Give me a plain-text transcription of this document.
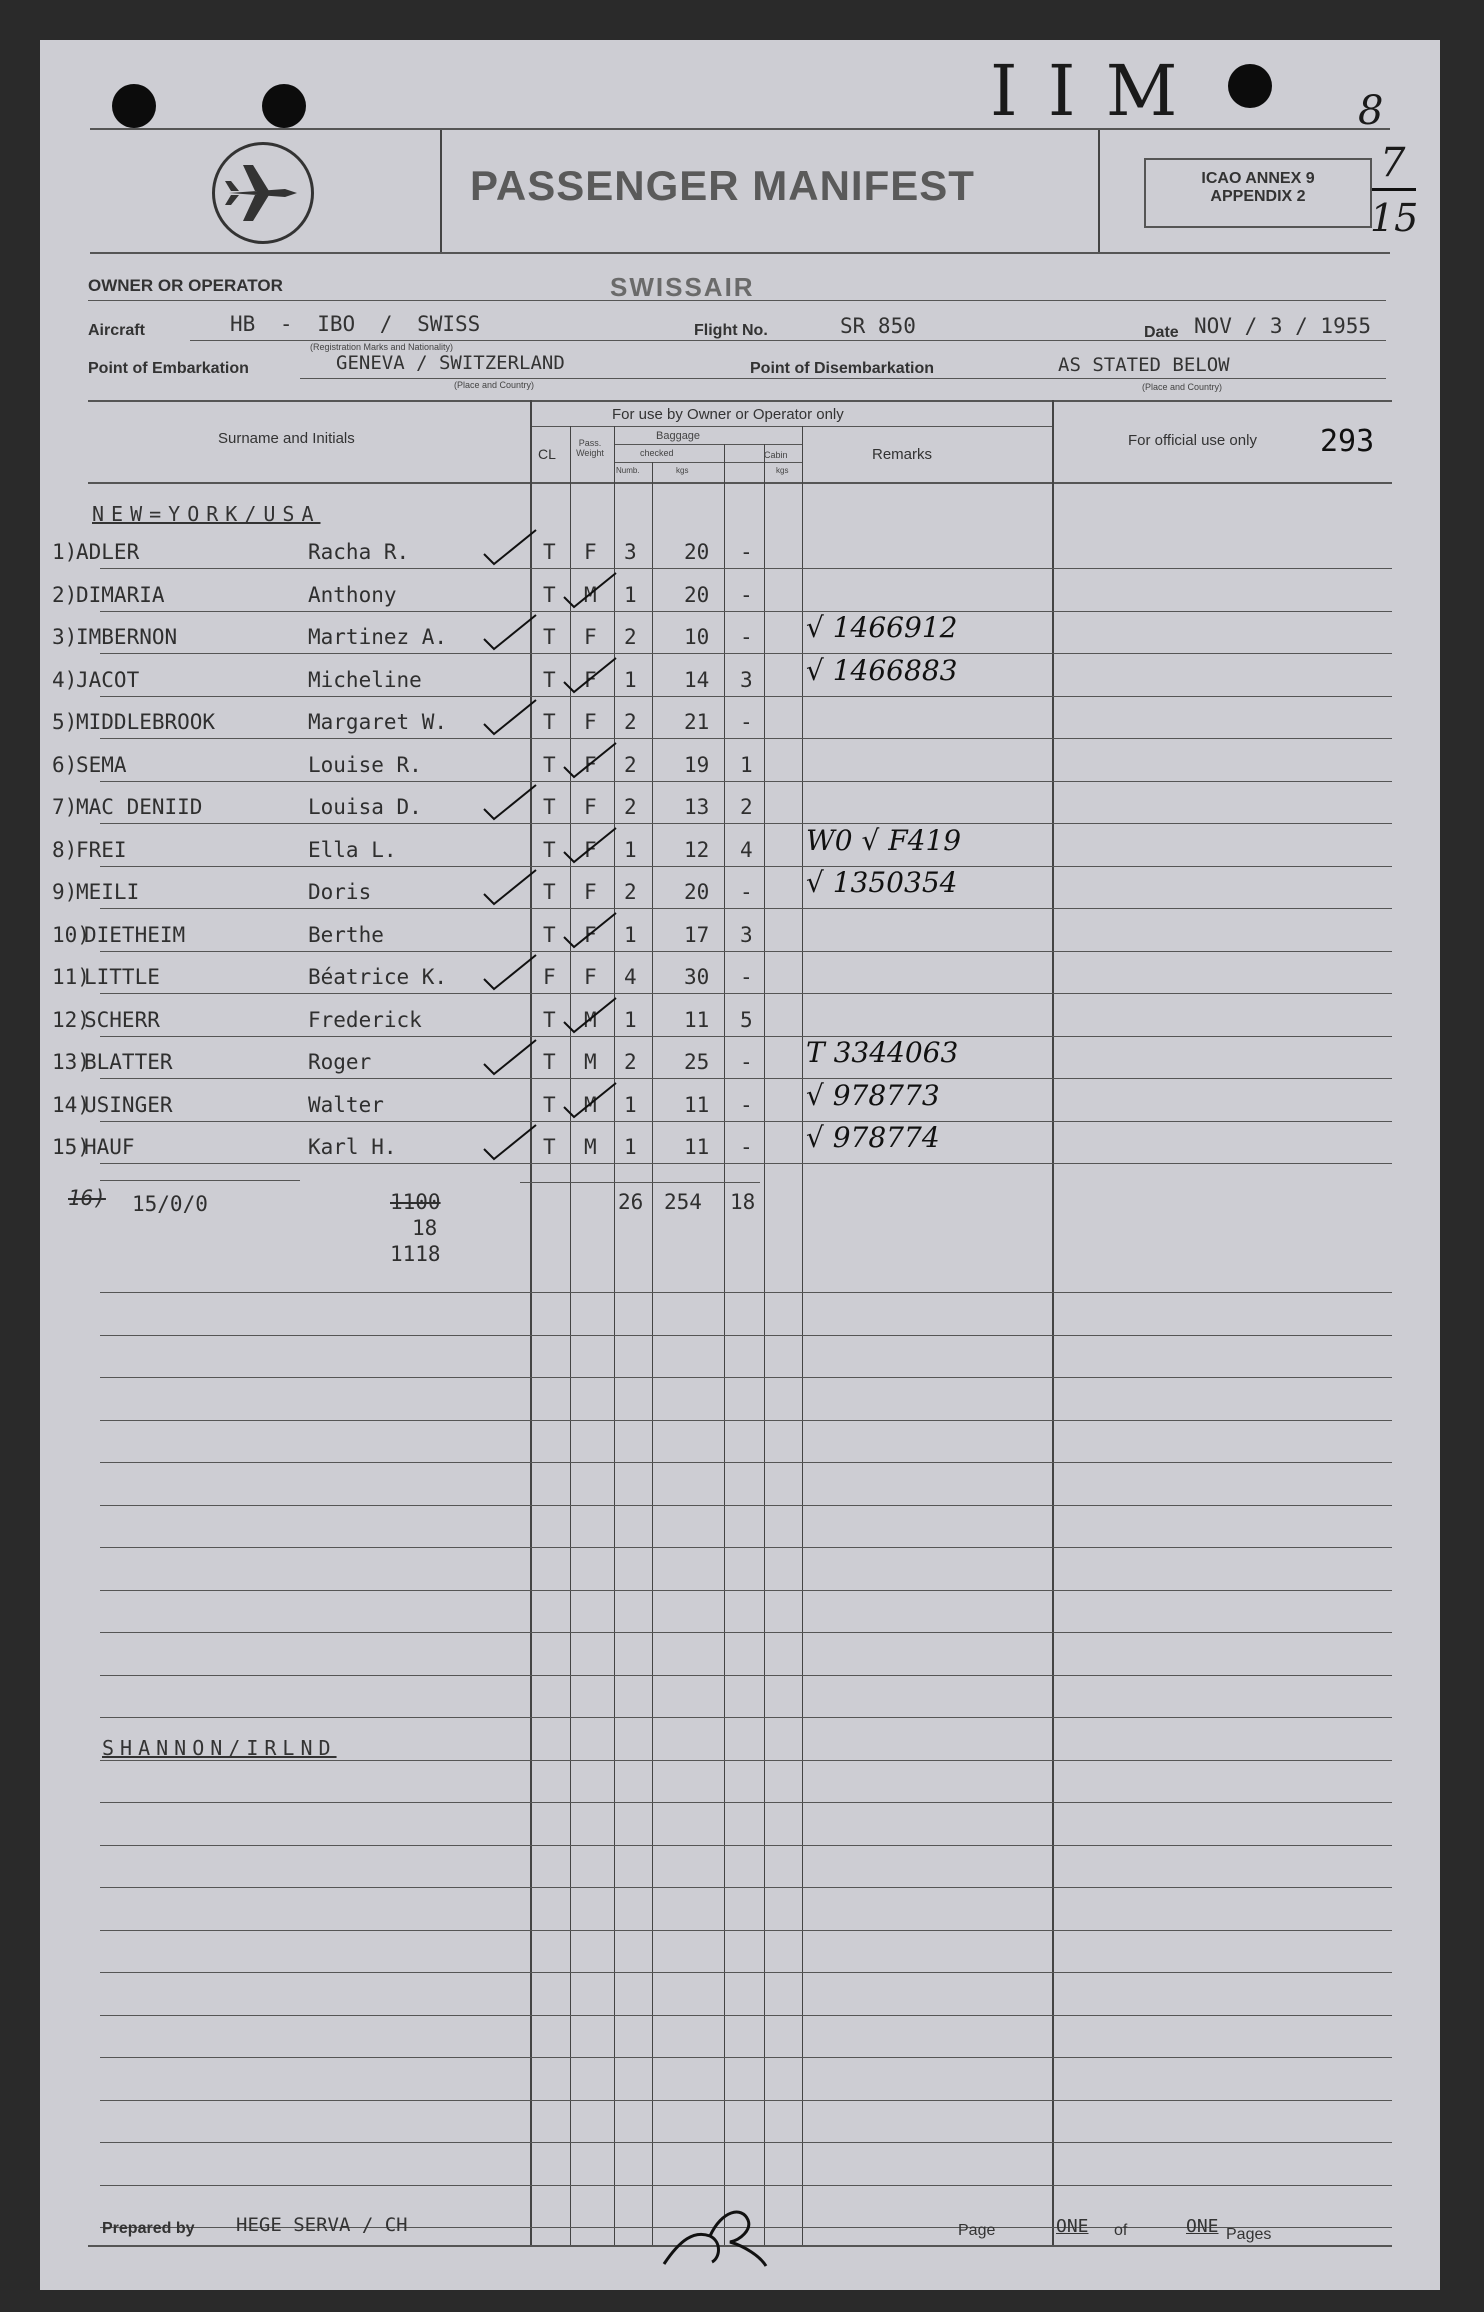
I I M	8
7
15
PASSENGER MANIFEST	ICAO ANNEX 9
APPENDIX 2
OWNER OR OPERATOR	SWISSAIR
Aircraft	HB - IBO / SWISS
(Registration Marks and Nationality)
Flight No.	SR 850	Date NOV / 3 / 1955
Point of Embarkation	GENEVA / SWITZERLAND
(Place and Country)
Point of Disembarkation	AS STATED BELOW
(Place and Country)
For use by Owner or Operator only
Surname and Initials
CL
Pass. Weight
Baggage
checked	Cabin
Numb.	kgs	kgs
Remarks
For official use only 293
NEW=YORK/USA
1)
ADLER	Racha R.	T F 3 20 -
2)
DIMARIA	Anthony	T M 1 20 -
3)
IMBERNON	Martinez A.	T F 2 10 - √ 1466912
4)
JACOT	Micheline	T F 1 14 3 √ 1466883
5)
MIDDLEBROOK	Margaret W.	T F 2 21 -
6)
SEMA	Louise R.	T F 2 19 1
7)
MAC DENIID	Louisa D.	T F 2 13 2
8)
FREI	Ella L.	T F 1 12 4 W0 √ F419
9)
MEILI	Doris	T F 2 20 - √ 1350354
10)
DIETHEIM	Berthe	T F 1 17 3
11)
LITTLE	Béatrice K.	F F 4 30 -
12)
SCHERR	Frederick	T M 1 11 5
13)
BLATTER	Roger	T M 2 25 - T 3344063
14)
USINGER	Walter	T M 1 11 - √ 978773
15)
HAUF	Karl H.	T M 1 11 - √ 978774
16) 15/0/0	1100
18
1118
26 254 18
SHANNON/IRLND
Prepared by HEGE SERVA / CH	Page	ONE of	ONE Pages
